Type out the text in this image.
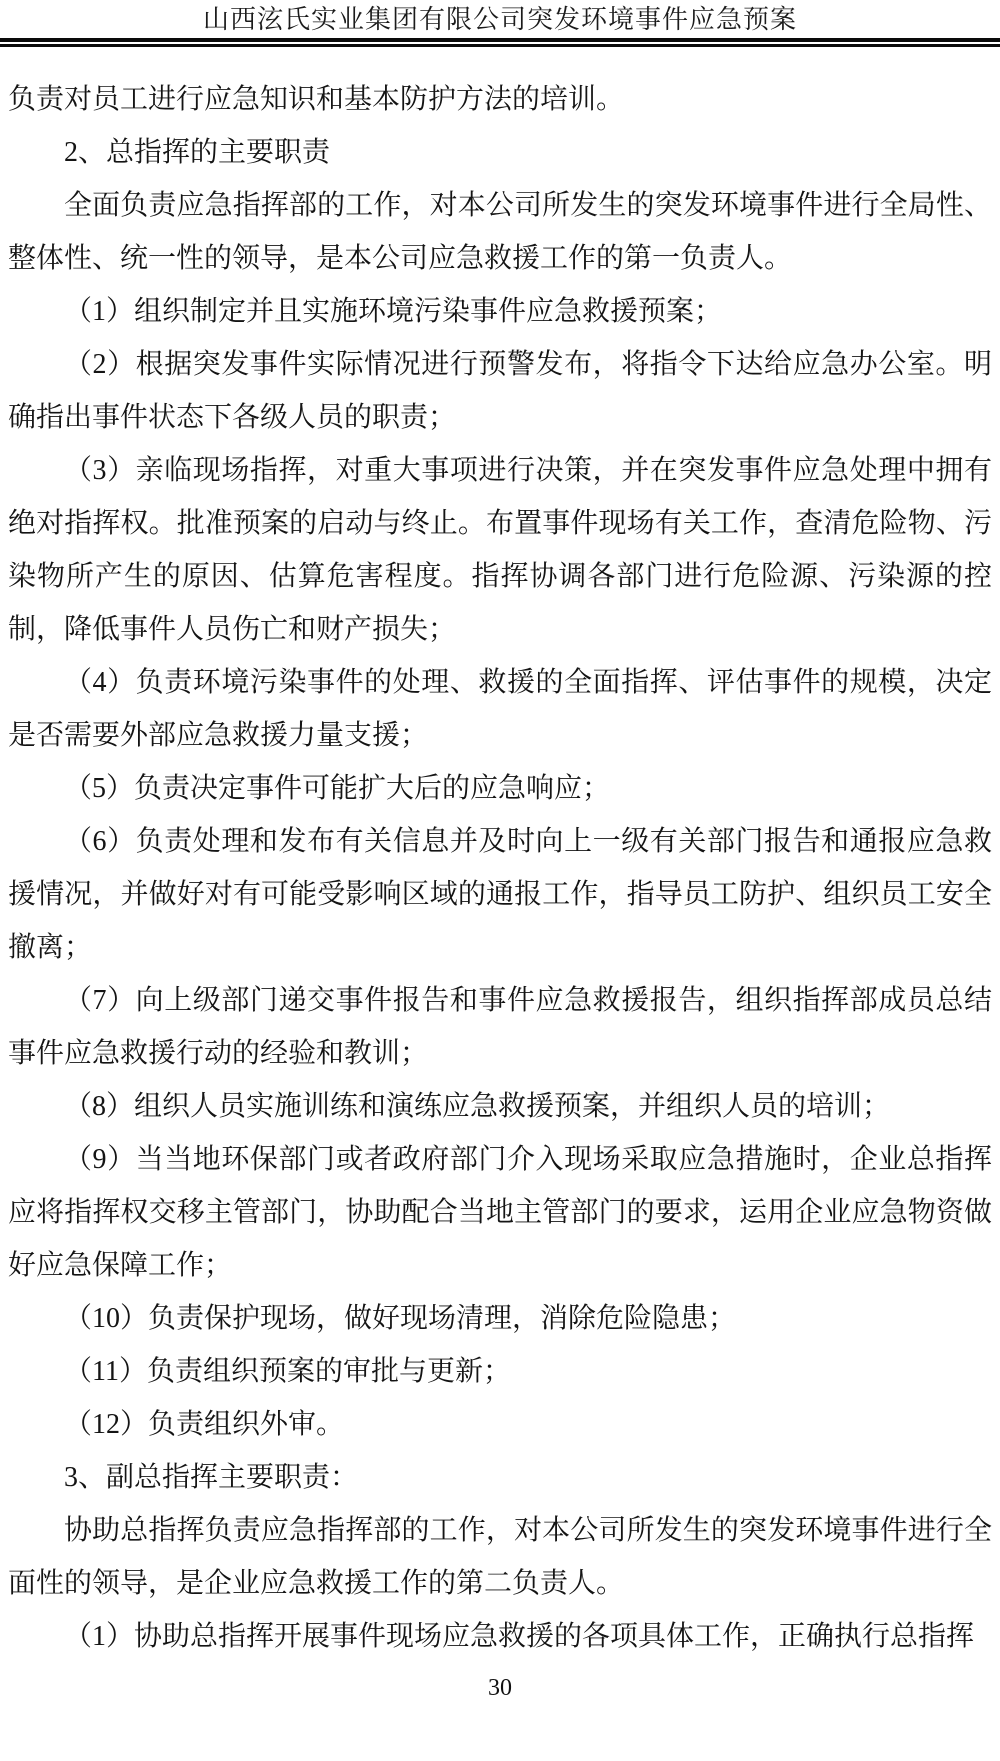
山西泫氏实业集团有限公司突发环境事件应急预案

负责对员工进行应急知识和基本防护方法的培训。

2、总指挥的主要职责

全面负责应急指挥部的工作，对本公司所发生的突发环境事件进行全局性、整体性、统一性的领导，是本公司应急救援工作的第一负责人。

（1）组织制定并且实施环境污染事件应急救援预案；

（2）根据突发事件实际情况进行预警发布，将指令下达给应急办公室。明确指出事件状态下各级人员的职责；

（3）亲临现场指挥，对重大事项进行决策，并在突发事件应急处理中拥有绝对指挥权。批准预案的启动与终止。布置事件现场有关工作，查清危险物、污染物所产生的原因、估算危害程度。指挥协调各部门进行危险源、污染源的控制，降低事件人员伤亡和财产损失；

（4）负责环境污染事件的处理、救援的全面指挥、评估事件的规模，决定是否需要外部应急救援力量支援；

（5）负责决定事件可能扩大后的应急响应；

（6）负责处理和发布有关信息并及时向上一级有关部门报告和通报应急救援情况，并做好对有可能受影响区域的通报工作，指导员工防护、组织员工安全撤离；

（7）向上级部门递交事件报告和事件应急救援报告，组织指挥部成员总结事件应急救援行动的经验和教训；

（8）组织人员实施训练和演练应急救援预案，并组织人员的培训；

（9）当当地环保部门或者政府部门介入现场采取应急措施时，企业总指挥应将指挥权交移主管部门，协助配合当地主管部门的要求，运用企业应急物资做好应急保障工作；

（10）负责保护现场，做好现场清理，消除危险隐患；

（11）负责组织预案的审批与更新；

（12）负责组织外审。

3、副总指挥主要职责：

协助总指挥负责应急指挥部的工作，对本公司所发生的突发环境事件进行全面性的领导，是企业应急救援工作的第二负责人。

（1）协助总指挥开展事件现场应急救援的各项具体工作，正确执行总指挥

30
